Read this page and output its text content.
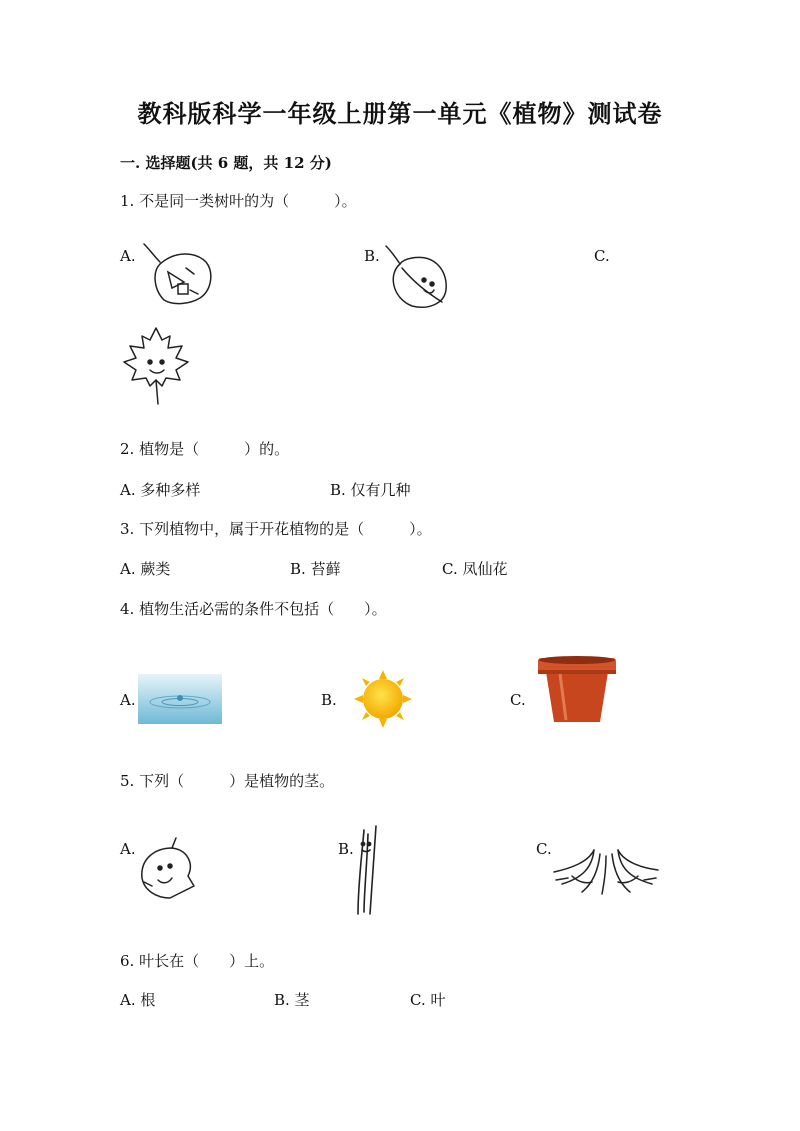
教科版科学一年级上册第一单元《植物》测试卷
一. 选择题(共 6 题，共 12 分)
1. 不是同一类树叶的为（　　　）。
A.	B.	C.
2. 植物是（　　　）的。
A. 多种多样	B. 仅有几种
3. 下列植物中，属于开花植物的是（　　　）。
A. 蕨类	B. 苔藓	C. 凤仙花
4. 植物生活必需的条件不包括（　　）。
A.	B.	C.
5. 下列（　　　）是植物的茎。
A.	B.	C.
6. 叶长在（　　）上。
A. 根	B. 茎	C. 叶
